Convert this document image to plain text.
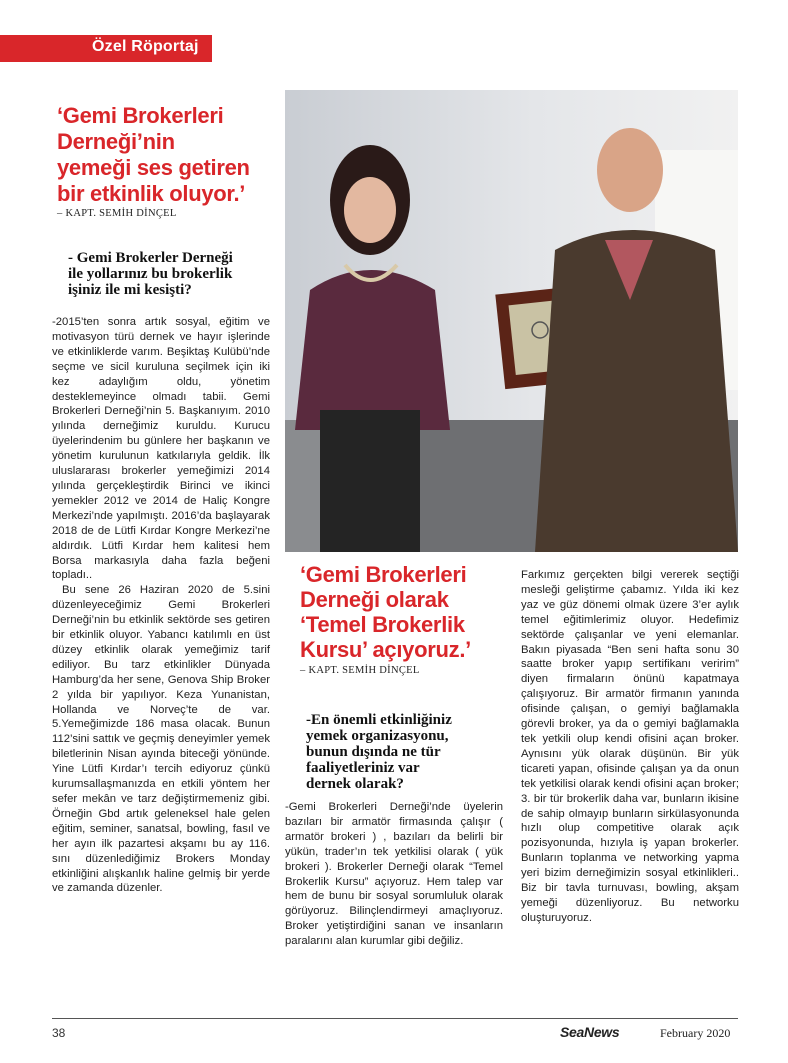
Özel Röportaj
‘Gemi Brokerleri
Derneği’nin
yemeği ses getiren
bir etkinlik oluyor.’
– KAPT. SEMİH DİNÇEL
- Gemi Brokerler Derneği
ile yollarınız bu brokerlik
işiniz ile mi kesişti?

-2015’ten sonra artık sosyal, eğitim ve motivasyon türü dernek ve hayır işlerinde ve etkinliklerde varım. Beşiktaş Kulübü’nde seçme ve sicil kuruluna seçilmek için iki kez adaylığım oldu, yönetim desteklemeyince olmadı tabii. Gemi Brokerleri Derneği’nin 5. Başkanıyım. 2010 yılında derneğimiz kuruldu. Kurucu üyelerindenim bu günlere her başkanın ve yönetim kurulunun katkılarıyla geldik. İlk uluslararası brokerler yemeğimizi 2014 yılında gerçekleştirdik Birinci ve ikinci yemekler 2012 ve 2014 de Haliç Kongre Merkezi’nde yapılmıştı. 2016’da başlayarak 2018 de de Lütfi Kırdar Kongre Merkezi’ne aldırdık. Lütfi Kırdar hem kalitesi hem Borsa markasıyla daha fazla beğeni topladı..

Bu sene 26 Haziran 2020 de 5.sini düzenleyeceğimiz Gemi Brokerleri Derneği’nin bu etkinlik sektörde ses getiren bir etkinlik oluyor. Yabancı katılımlı en üst düzey etkinlik olarak yemeğimiz tarif ediliyor. Bu tarz etkinlikler Dünyada Hamburg’da her sene, Genova Ship Broker 2 yılda bir yapılıyor. Keza Yunanistan, Hollanda ve Norveç’te de var. 5.Yemeğimizde 186 masa olacak. Bunun 112’sini sattık ve geçmiş deneyimler yemek biletlerinin Nisan ayında biteceği yönünde. Yine Lütfi Kırdar’ı tercih ediyoruz çünkü kurumsallaşmanızda en etkili yöntem her sefer mekân ve tarz değiştirmemeniz gibi. Örneğin Gbd artık geleneksel hale gelen eğitim, seminer, sanatsal, bowling, fasıl ve her ayın ilk pazartesi akşamı bu ay 116. sını düzenlediğimiz Brokers Monday etkinliğini alışkanlık haline gelmiş bir yerde ve zamanda düzenler.

‘Gemi Brokerleri
Derneği olarak
‘Temel Brokerlik
Kursu’ açıyoruz.’
– KAPT. SEMİH DİNÇEL
-En önemli etkinliğiniz
yemek organizasyonu,
bunun dışında ne tür
faaliyetleriniz var
dernek olarak?

-Gemi Brokerleri Derneği’nde üyelerin bazıları bir armatör firmasında çalışır ( armatör brokeri ) , bazıları da belirli bir yükün, trader’ın tek yetkilisi olarak ( yük brokeri ). Brokerler Derneği olarak “Temel Brokerlik Kursu” açıyoruz. Hem talep var hem de bunu bir sosyal sorumluluk olarak görüyoruz. Bilinçlendirmeyi amaçlıyoruz. Broker yetiştirdiğini sanan ve insanların paralarını alan kurumlar gibi değiliz.

Farkımız gerçekten bilgi vererek seçtiği mesleği geliştirme çabamız. Yılda iki kez yaz ve güz dönemi olmak üzere 3’er aylık temel eğitimlerimiz oluyor. Hedefimiz sektörde çalışanlar ve yeni elemanlar. Bakın piyasada “Ben seni hafta sonu 30 saatte broker yapıp sertifikanı veririm” diyen firmaların önünü kapatmaya çalışıyoruz. Bir armatör firmanın yanında ofisinde çalışan, o gemiyi bağlamakla görevli broker, ya da o gemiyi bağlamakla tek yetkili olup kendi ofisini açan broker. Aynısını yük olarak düşünün. Bir yük ticareti yapan, ofisinde çalışan ya da onun tek yetkilisi olarak kendi ofisini açan broker; 3. bir tür brokerlik daha var, bunların ikisine de sahip olmayıp bunların sirkülasyonunda hızlı olup competitive olarak açık pozisyonunda, hızıyla iş yapan brokerler. Bunların toplanma ve networking yapma yeri bizim derneğimizin sosyal etkinlikleri.. Biz bir tavla turnuvası, bowling, akşam yemeği düzenliyoruz. Bu networku oluşturuyoruz.

38	SeaNews	February 2020
